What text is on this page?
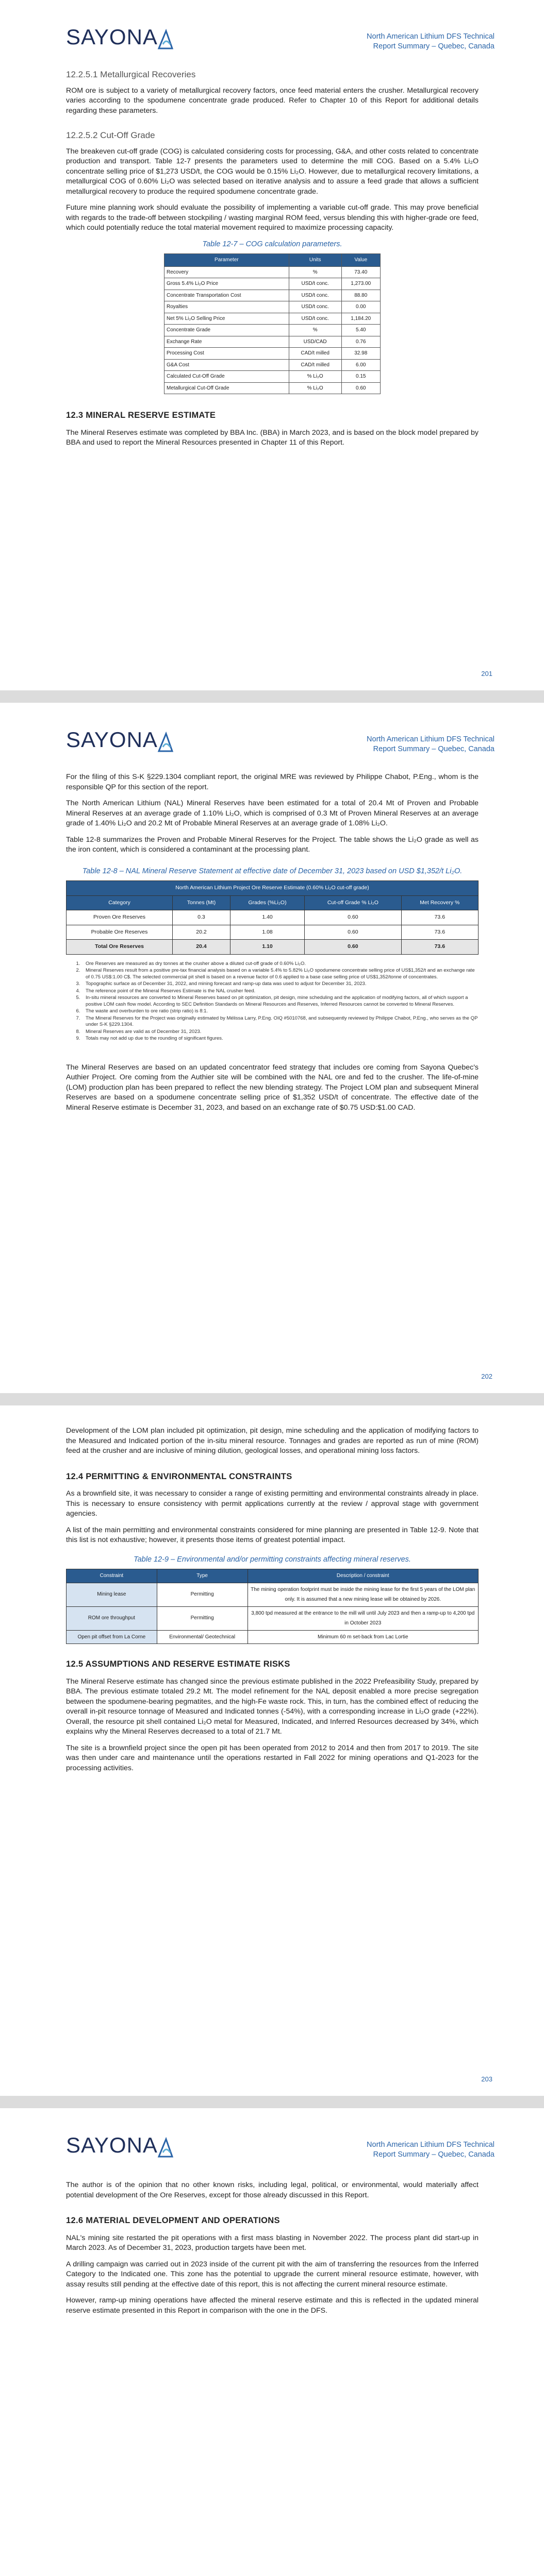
SAYONA	North American Lithium DFS Technical
Report Summary – Quebec, Canada
12.2.5.1 Metallurgical Recoveries

ROM ore is subject to a variety of metallurgical recovery factors, once feed material enters the crusher. Metallurgical recovery varies according to the spodumene concentrate grade produced. Refer to Chapter 10 of this Report for additional details regarding these parameters.

12.2.5.2 Cut-Off Grade

The breakeven cut-off grade (COG) is calculated considering costs for processing, G&A, and other costs related to concentrate production and transport. Table 12-7 presents the parameters used to determine the mill COG. Based on a 5.4% Li₂O concentrate selling price of $1,273 USD/t, the COG would be 0.15% Li₂O. However, due to metallurgical recovery limitations, a metallurgical COG of 0.60% Li₂O was selected based on iterative analysis and to assure a feed grade that allows a sufficient metallurgical recovery to produce the required spodumene concentrate grade.

Future mine planning work should evaluate the possibility of implementing a variable cut-off grade. This may prove beneficial with regards to the trade-off between stockpiling / wasting marginal ROM feed, versus blending this with higher-grade ore feed, which could potentially reduce the total material movement required to maximize processing capacity.

Table 12-7 – COG calculation parameters.
Parameter	Units	Value
Recovery	%	73.40
Gross 5.4% Li₂O Price	USD/t conc.	1,273.00
Concentrate Transportation Cost	USD/t conc.	88.80
Royalties	USD/t conc.	0.00
Net 5% Li₂O Selling Price	USD/t conc.	1,184.20
Concentrate Grade	%	5.40
Exchange Rate	USD/CAD	0.76
Processing Cost	CAD/t milled	32.98
G&A Cost	CAD/t milled	6.00
Calculated Cut-Off Grade	% Li₂O	0.15
Metallurgical Cut-Off Grade	% Li₂O	0.60
12.3 MINERAL RESERVE ESTIMATE

The Mineral Reserves estimate was completed by BBA Inc. (BBA) in March 2023, and is based on the block model prepared by BBA and used to report the Mineral Resources presented in Chapter 11 of this Report.

201
SAYONA	North American Lithium DFS Technical
Report Summary – Quebec, Canada

For the filing of this S-K §229.1304 compliant report, the original MRE was reviewed by Philippe Chabot, P.Eng., whom is the responsible QP for this section of the report.

The North American Lithium (NAL) Mineral Reserves have been estimated for a total of 20.4 Mt of Proven and Probable Mineral Reserves at an average grade of 1.10% Li₂O, which is comprised of 0.3 Mt of Proven Mineral Reserves at an average grade of 1.40% Li₂O and 20.2 Mt of Probable Mineral Reserves at an average grade of 1.08% Li₂O.

Table 12-8 summarizes the Proven and Probable Mineral Reserves for the Project. The table shows the Li₂O grade as well as the iron content, which is considered a contaminant at the processing plant.

Table 12-8 – NAL Mineral Reserve Statement at effective date of December 31, 2023 based on USD $1,352/t Li₂O.
North American Lithium Project Ore Reserve Estimate (0.60% Li₂O cut-off grade)				
Category	Tonnes (Mt)	Grades (%Li₂O)	Cut-off Grade % Li₂O	Met Recovery %
Proven Ore Reserves	0.3	1.40	0.60	73.6
Probable Ore Reserves	20.2	1.08	0.60	73.6
Total Ore Reserves	20.4	1.10	0.60	73.6
1. Ore Reserves are measured as dry tonnes at the crusher above a diluted cut-off grade of 0.60% Li₂O.
2. Mineral Reserves result from a positive pre-tax financial analysis based on a variable 5.4% to 5.82% Li₂O spodumene concentrate selling price of US$1,352/t and an exchange rate of 0.75 US$:1.00 C$. The selected commercial pit shell is based on a revenue factor of 0.6 applied to a base case selling price of US$1,352/tonne of concentrates.
3. Topographic surface as of December 31, 2022, and mining forecast and ramp-up data was used to adjust for December 31, 2023.
4. The reference point of the Mineral Reserves Estimate is the NAL crusher feed.
5. In-situ mineral resources are converted to Mineral Reserves based on pit optimization, pit design, mine scheduling and the application of modifying factors, all of which support a positive LOM cash flow model. According to SEC Definition Standards on Mineral Resources and Reserves, Inferred Resources cannot be converted to Mineral Reserves.
6. The waste and overburden to ore ratio (strip ratio) is 8:1.
7. The Mineral Reserves for the Project was originally estimated by Mélissa Larry, P.Eng. OIQ #5010768, and subsequently reviewed by Philippe Chabot, P.Eng., who serves as the QP under S-K §229.1304.
8. Mineral Reserves are valid as of December 31, 2023.
9. Totals may not add up due to the rounding of significant figures.

The Mineral Reserves are based on an updated concentrator feed strategy that includes ore coming from Sayona Quebec's Authier Project. Ore coming from the Authier site will be combined with the NAL ore and fed to the crusher. The life-of-mine (LOM) production plan has been prepared to reflect the new blending strategy. The Project LOM plan and subsequent Mineral Reserves are based on a spodumene concentrate selling price of $1,352 USD/t of concentrate. The effective date of the Mineral Reserve estimate is December 31, 2023, and based on an exchange rate of $0.75 USD:$1.00 CAD.

202

Development of the LOM plan included pit optimization, pit design, mine scheduling and the application of modifying factors to the Measured and Indicated portion of the in-situ mineral resource. Tonnages and grades are reported as run of mine (ROM) feed at the crusher and are inclusive of mining dilution, geological losses, and operational mining loss factors.

12.4 PERMITTING & ENVIRONMENTAL CONSTRAINTS

As a brownfield site, it was necessary to consider a range of existing permitting and environmental constraints already in place. This is necessary to ensure consistency with permit applications currently at the review / approval stage with government agencies.

A list of the main permitting and environmental constraints considered for mine planning are presented in Table 12-9. Note that this list is not exhaustive; however, it presents those items of greatest potential impact.

Table 12-9 – Environmental and/or permitting constraints affecting mineral reserves.
Constraint	Type	Description / constraint
Mining lease	Permitting	The mining operation footprint must be inside the mining lease for the first 5 years of the LOM plan only. It is assumed that a new mining lease will be obtained by 2026.
ROM ore throughput	Permitting	3,800 tpd measured at the entrance to the mill will until July 2023 and then a ramp-up to 4,200 tpd in October 2023
Open pit offset from La Corne	Environmental/ Geotechnical	Minimum 60 m set-back from Lac Lortie
12.5 ASSUMPTIONS AND RESERVE ESTIMATE RISKS

The Mineral Reserve estimate has changed since the previous estimate published in the 2022 Prefeasibility Study, prepared by BBA. The previous estimate totaled 29.2 Mt. The model refinement for the NAL deposit enabled a more precise segregation between the spodumene-bearing pegmatites, and the high-Fe waste rock. This, in turn, has the combined effect of reducing the overall in-pit resource tonnage of Measured and Indicated tonnes (-54%), with a corresponding increase in Li₂O grade (+22%). Overall, the resource pit shell contained Li₂O metal for Measured, Indicated, and Inferred Resources decreased by 34%, which explains why the Mineral Reserves decreased to a total of 21.7 Mt.

The site is a brownfield project since the open pit has been operated from 2012 to 2014 and then from 2017 to 2019. The site was then under care and maintenance until the operations restarted in Fall 2022 for mining operations and Q1-2023 for the processing activities.

203
SAYONA	North American Lithium DFS Technical
Report Summary – Quebec, Canada

The author is of the opinion that no other known risks, including legal, political, or environmental, would materially affect potential development of the Ore Reserves, except for those already discussed in this Report.

12.6 MATERIAL DEVELOPMENT AND OPERATIONS

NAL's mining site restarted the pit operations with a first mass blasting in November 2022. The process plant did start-up in March 2023. As of December 31, 2023, production targets have been met.

A drilling campaign was carried out in 2023 inside of the current pit with the aim of transferring the resources from the Inferred Category to the Indicated one. This zone has the potential to upgrade the current mineral resource estimate, however, with assay results still pending at the effective date of this report, this is not affecting the current mineral resource estimate.

However, ramp-up mining operations have affected the mineral reserve estimate and this is reflected in the updated mineral reserve estimate presented in this Report in comparison with the one in the DFS.
